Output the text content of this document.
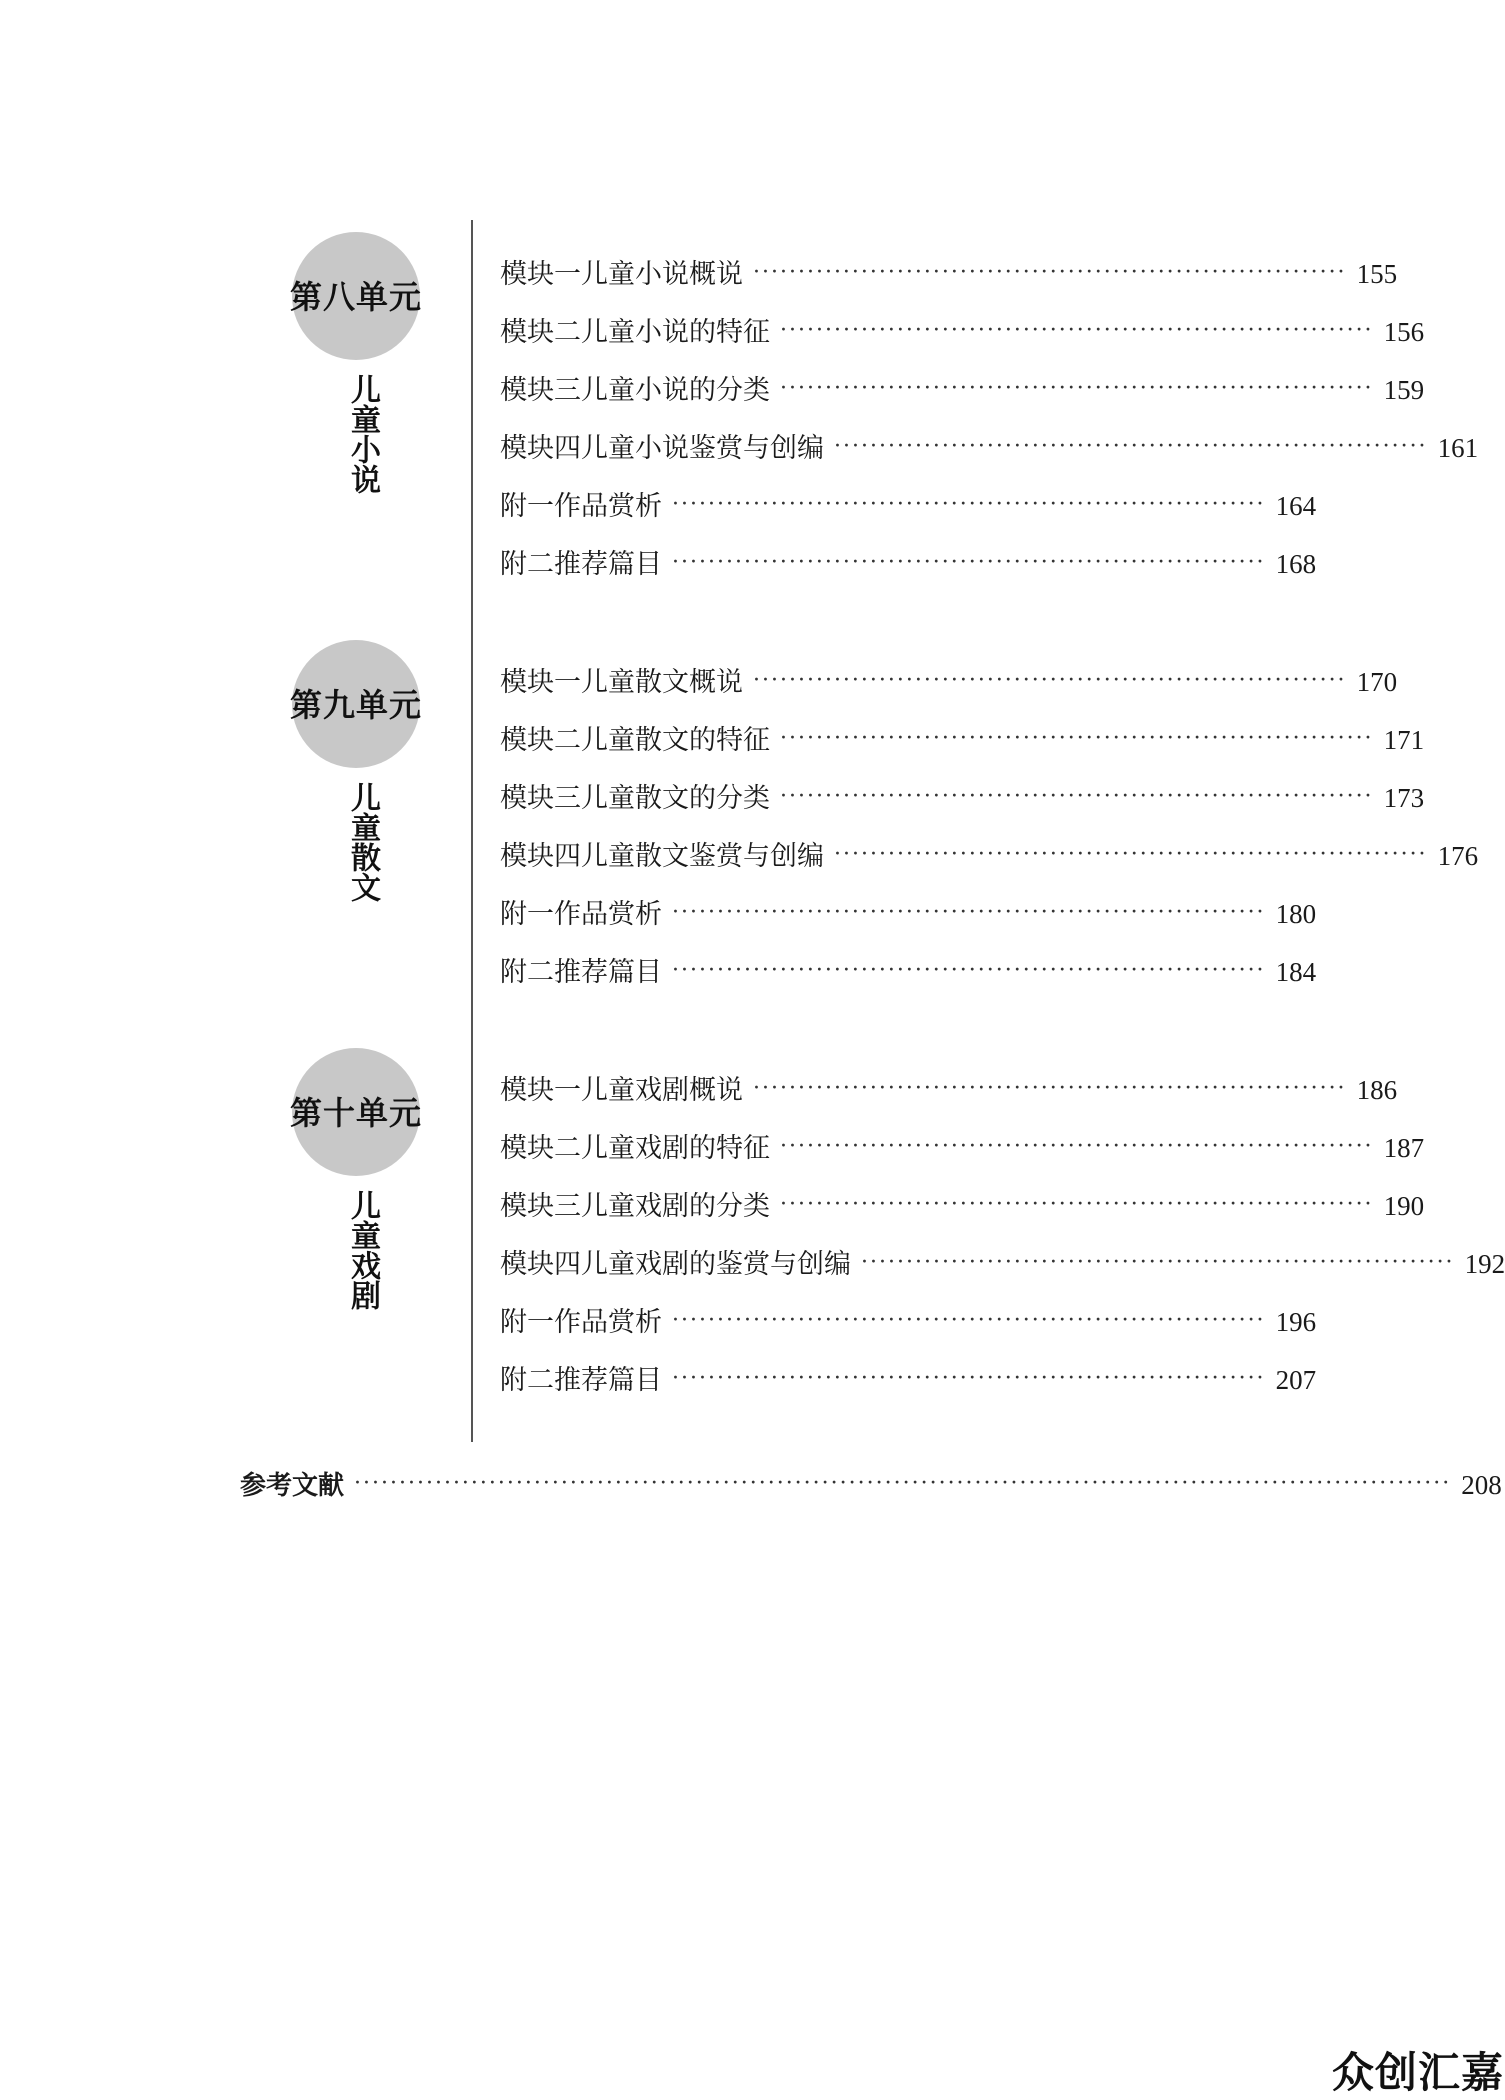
第八单元
儿童小说
模块一 儿童小说概说 ·································································· 155
模块二 儿童小说的特征 ·································································· 156
模块三 儿童小说的分类 ·································································· 159
模块四 儿童小说鉴赏与创编 ·································································· 161
附一 作品赏析 ·································································· 164
附二 推荐篇目 ·································································· 168
第九单元
儿童散文
模块一 儿童散文概说 ·································································· 170
模块二 儿童散文的特征 ·································································· 171
模块三 儿童散文的分类 ·································································· 173
模块四 儿童散文鉴赏与创编 ·································································· 176
附一 作品赏析 ·································································· 180
附二 推荐篇目 ·································································· 184
第十单元
儿童戏剧
模块一 儿童戏剧概说 ·································································· 186
模块二 儿童戏剧的特征 ·································································· 187
模块三 儿童戏剧的分类 ·································································· 190
模块四 儿童戏剧的鉴赏与创编 ·································································· 192
附一 作品赏析 ·································································· 196
附二 推荐篇目 ·································································· 207
参考文献 ·························································································································· 208
众创汇嘉
